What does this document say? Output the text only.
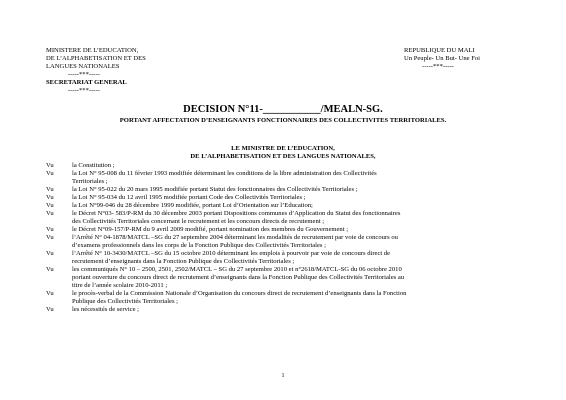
MINISTERE DE L’EDUCATION,
DE L’ALPHABETISATION ET DES
LANGUES NATIONALES
-----***-----
SECRETARIAT GENERAL
-----***-----
REPUBLIQUE DU MALI
Un Peuple- Un But- Une Foi
-----***-----
DECISION N°11-___________/MEALN-SG.
PORTANT AFFECTATION D’ENSEIGNANTS FONCTIONNAIRES DES COLLECTIVITES TERRITORIALES.
LE MINISTRE DE L’EDUCATION,
DE L’ALPHABETISATION ET DES LANGUES NATIONALES,
Vu	la Constitution ;
Vu	la Loi N° 95-008 du 11 février 1993 modifiée déterminant les conditions de la libre administration des Collectivités
Territoriales ;
Vu	la Loi N° 95-022 du 20 mars 1995 modifiée portant Statut des fonctionnaires des Collectivités Territoriales ;
Vu	la Loi N° 95-034 du 12 avril 1995 modifiée portant Code des Collectivités Territoriales ;
Vu	la Loi N°99-046 du 28 décembre 1999 modifiée, portant Loi d’Orientation sur l’Education;
Vu	le Décret N°03- 583/P-RM du 30 décembre 2003 portant Dispositions communes d’Application du Statut des fonctionnaires
des Collectivités Territoriales concernant le recrutement et les concours directs de recrutement ;
Vu	le Décret N°09-157/P-RM du 9 avril 2009 modifié, portant nomination des membres du Gouvernement ;
Vu	l’Arrêté N° 04-1878/MATCL –SG du 27 septembre 2004 déterminant les modalités de recrutement par voie de concours ou
d’examens professionnels dans les corps de la Fonction Publique des Collectivités Territoriales ;
Vu	l’Arrêté N° 10-3430/MATCL –SG du 15 octobre 2010 déterminant les emplois à pourvoir par voie de concours direct de
recrutement d’enseignants dans la Fonction Publique des Collectivités Territoriales ;
Vu	les communiqués N° 10 – 2500, 2501, 2502/MATCL – SG du 27 septembre 2010 et n°2618/MATCL-SG du 06 octobre 2010
portant ouverture du concours direct de recrutement d’enseignants dans la Fonction Publique des Collectivités Territoriales au
titre de l’année scolaire 2010-2011 ;
Vu	le procès-verbal de la Commission Nationale d’Organisation du concours direct de recrutement d’enseignants dans la Fonction
Publique des Collectivités Territoriales ;
Vu	les nécessités de service ;
1
